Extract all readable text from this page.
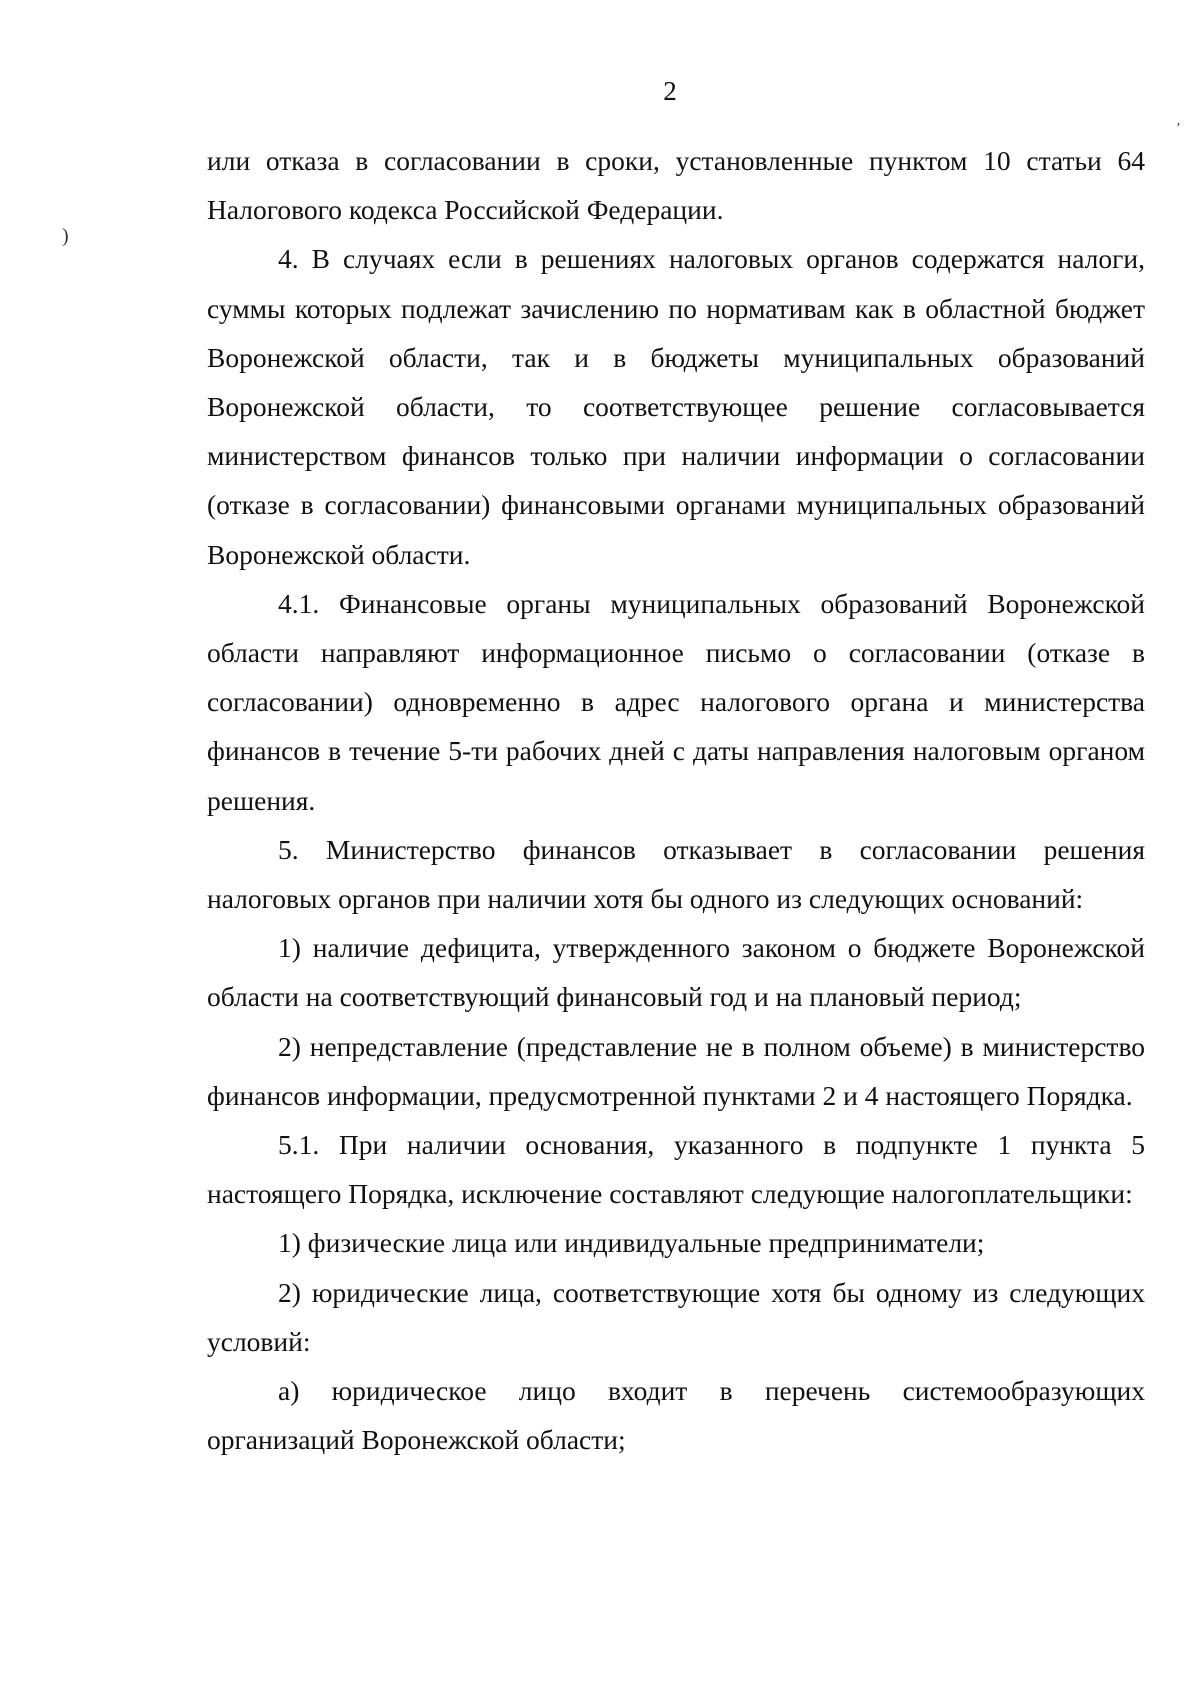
2
)
’

или отказа в согласовании в сроки, установленные пунктом 10 статьи 64 Налогового кодекса Российской Федерации.

4. В случаях если в решениях налоговых органов содержатся налоги, суммы которых подлежат зачислению по нормативам как в областной бюджет Воронежской области, так и в бюджеты муниципальных образований Воронежской области, то соответствующее решение согласовывается министерством финансов только при наличии информации о согласовании (отказе в согласовании) финансовыми органами муниципальных образований Воронежской области.

4.1. Финансовые органы муниципальных образований Воронежской области направляют информационное письмо о согласовании (отказе в согласовании) одновременно в адрес налогового органа и министерства финансов в течение 5-ти рабочих дней с даты направления налоговым органом решения.

5. Министерство финансов отказывает в согласовании решения налоговых органов при наличии хотя бы одного из следующих оснований:

1) наличие дефицита, утвержденного законом о бюджете Воронежской области на соответствующий финансовый год и на плановый период;

2) непредставление (представление не в полном объеме) в министерство финансов информации, предусмотренной пунктами 2 и 4 настоящего Порядка.

5.1. При наличии основания, указанного в подпункте 1 пункта 5 настоящего Порядка, исключение составляют следующие налогоплательщики:

1) физические лица или индивидуальные предприниматели;

2) юридические лица, соответствующие хотя бы одному из следующих условий:

а) юридическое лицо входит в перечень системообразующих организаций Воронежской области;
